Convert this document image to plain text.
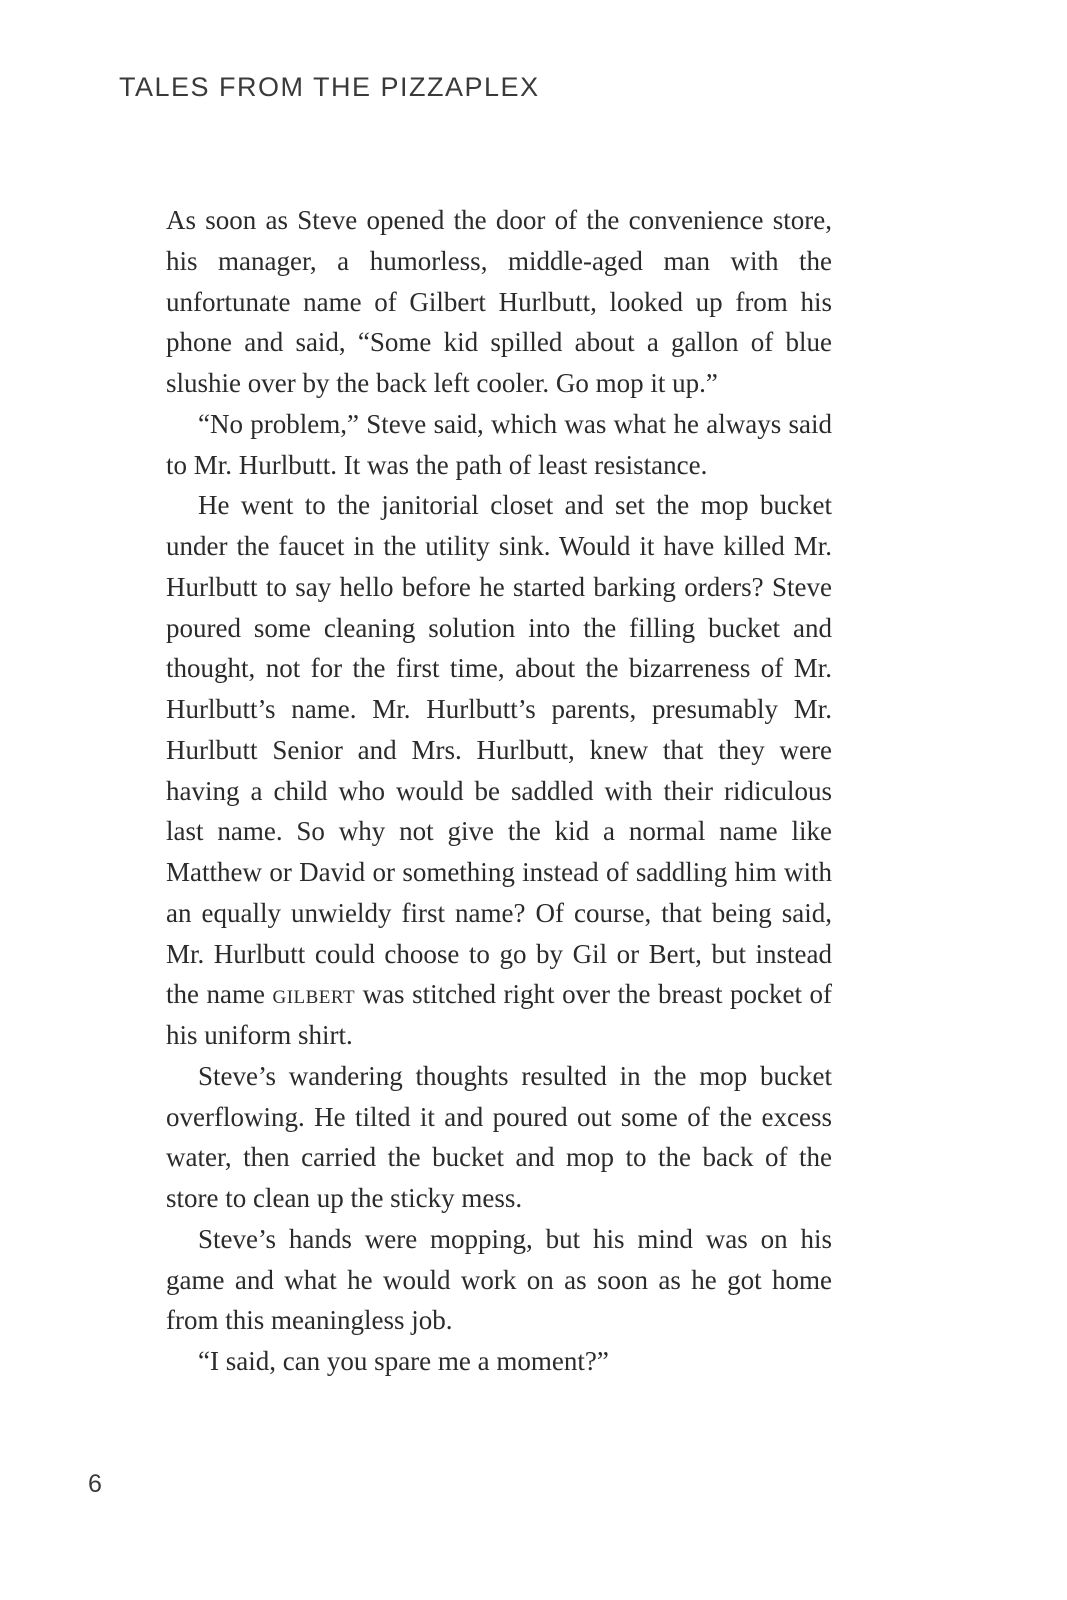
TALES FROM THE PIZZAPLEX

As soon as Steve opened the door of the convenience store, his manager, a humorless, middle-aged man with the unfortunate name of Gilbert Hurlbutt, looked up from his phone and said, “Some kid spilled about a gallon of blue slushie over by the back left cooler. Go mop it up.”

“No problem,” Steve said, which was what he always said to Mr. Hurlbutt. It was the path of least resistance.

He went to the janitorial closet and set the mop bucket under the faucet in the utility sink. Would it have killed Mr. Hurlbutt to say hello before he started barking orders? Steve poured some cleaning solution into the filling bucket and thought, not for the first time, about the bizarreness of Mr. Hurlbutt’s name. Mr. Hurlbutt’s parents, presumably Mr. Hurlbutt Senior and Mrs. Hurlbutt, knew that they were having a child who would be saddled with their ridiculous last name. So why not give the kid a normal name like Matthew or David or something instead of saddling him with an equally unwieldy first name? Of course, that being said, Mr. Hurlbutt could choose to go by Gil or Bert, but instead the name gilbert was stitched right over the breast pocket of his uniform shirt.

Steve’s wandering thoughts resulted in the mop bucket overflowing. He tilted it and poured out some of the excess water, then carried the bucket and mop to the back of the store to clean up the sticky mess.

Steve’s hands were mopping, but his mind was on his game and what he would work on as soon as he got home from this meaningless job.

“I said, can you spare me a moment?”

6
